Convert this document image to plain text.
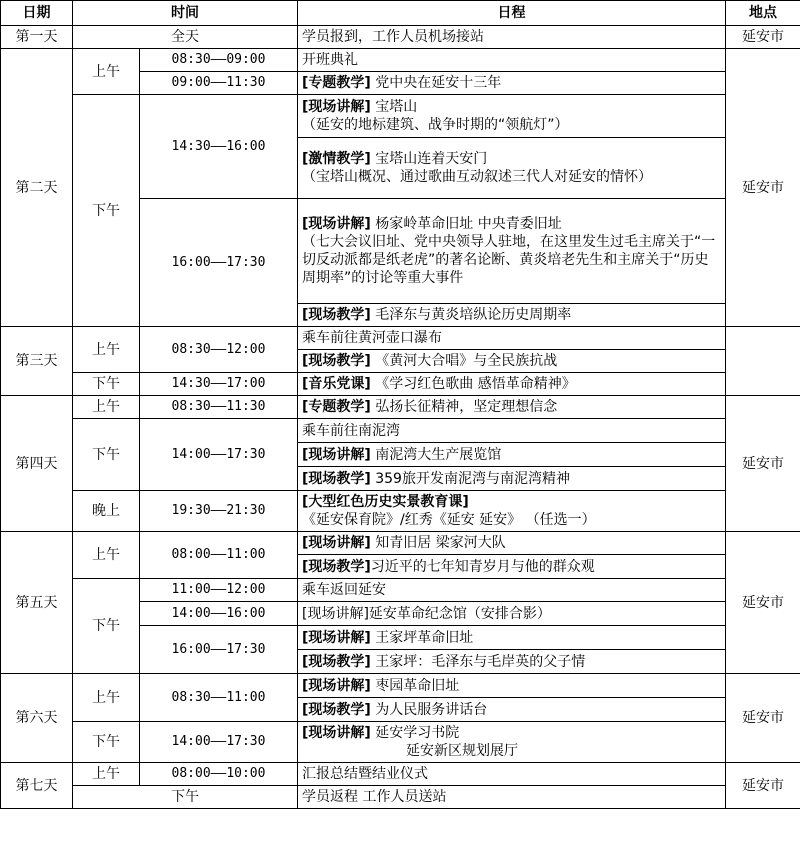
日期	时间		日程	地点
第一天	全天		学员报到，工作人员机场接站	延安市
第二天	上午	08:30——09:00	开班典礼	延安市
		09:00——11:30	[专题教学] 党中央在延安十三年	
	下午	14:30——16:00	[现场讲解] 宝塔山
（延安的地标建筑、战争时期的“领航灯”）	

			[激情教学] 宝塔山连着天安门
（宝塔山概况、通过歌曲互动叙述三代人对延安的情怀）	

		16:00——17:30	[现场讲解] 杨家岭革命旧址 中央青委旧址
（七大会议旧址、党中央领导人驻地，在这里发生过毛主席关于“一切反动派都是纸老虎”的著名论断、黄炎培老先生和主席关于“历史周期率”的讨论等重大事件	

			[现场教学] 毛泽东与黄炎培纵论历史周期率	
第三天	上午	08:30——12:00	乘车前往黄河壶口瀑布	
			[现场教学] 《黄河大合唱》与全民族抗战	
	下午	14:30——17:00	[音乐党课] 《学习红色歌曲 感悟革命精神》	
第四天	上午	08:30——11:30	[专题教学] 弘扬长征精神，坚定理想信念	延安市
	下午	14:00——17:30	乘车前往南泥湾	
			[现场讲解] 南泥湾大生产展览馆	
			[现场教学] 359旅开发南泥湾与南泥湾精神	
	晚上	19:30——21:30	[大型红色历史实景教育课]
《延安保育院》/红秀《延安 延安》 （任选一）	

第五天	上午	08:00——11:00	[现场讲解] 知青旧居 梁家河大队	延安市
			[现场教学]习近平的七年知青岁月与他的群众观	
	下午	11:00——12:00	乘车返回延安	
		14:00——16:00	[现场讲解]延安革命纪念馆（安排合影）	
		16:00——17:30	[现场讲解] 王家坪革命旧址	
			[现场教学] 王家坪：毛泽东与毛岸英的父子情	
第六天	上午	08:30——11:00	[现场讲解] 枣园革命旧址	延安市
			[现场教学] 为人民服务讲话台	
	下午	14:00——17:30	[现场讲解] 延安学习书院
延安新区规划展厅	

第七天	上午	08:00——10:00	汇报总结暨结业仪式	延安市
	下午		学员返程 工作人员送站	
